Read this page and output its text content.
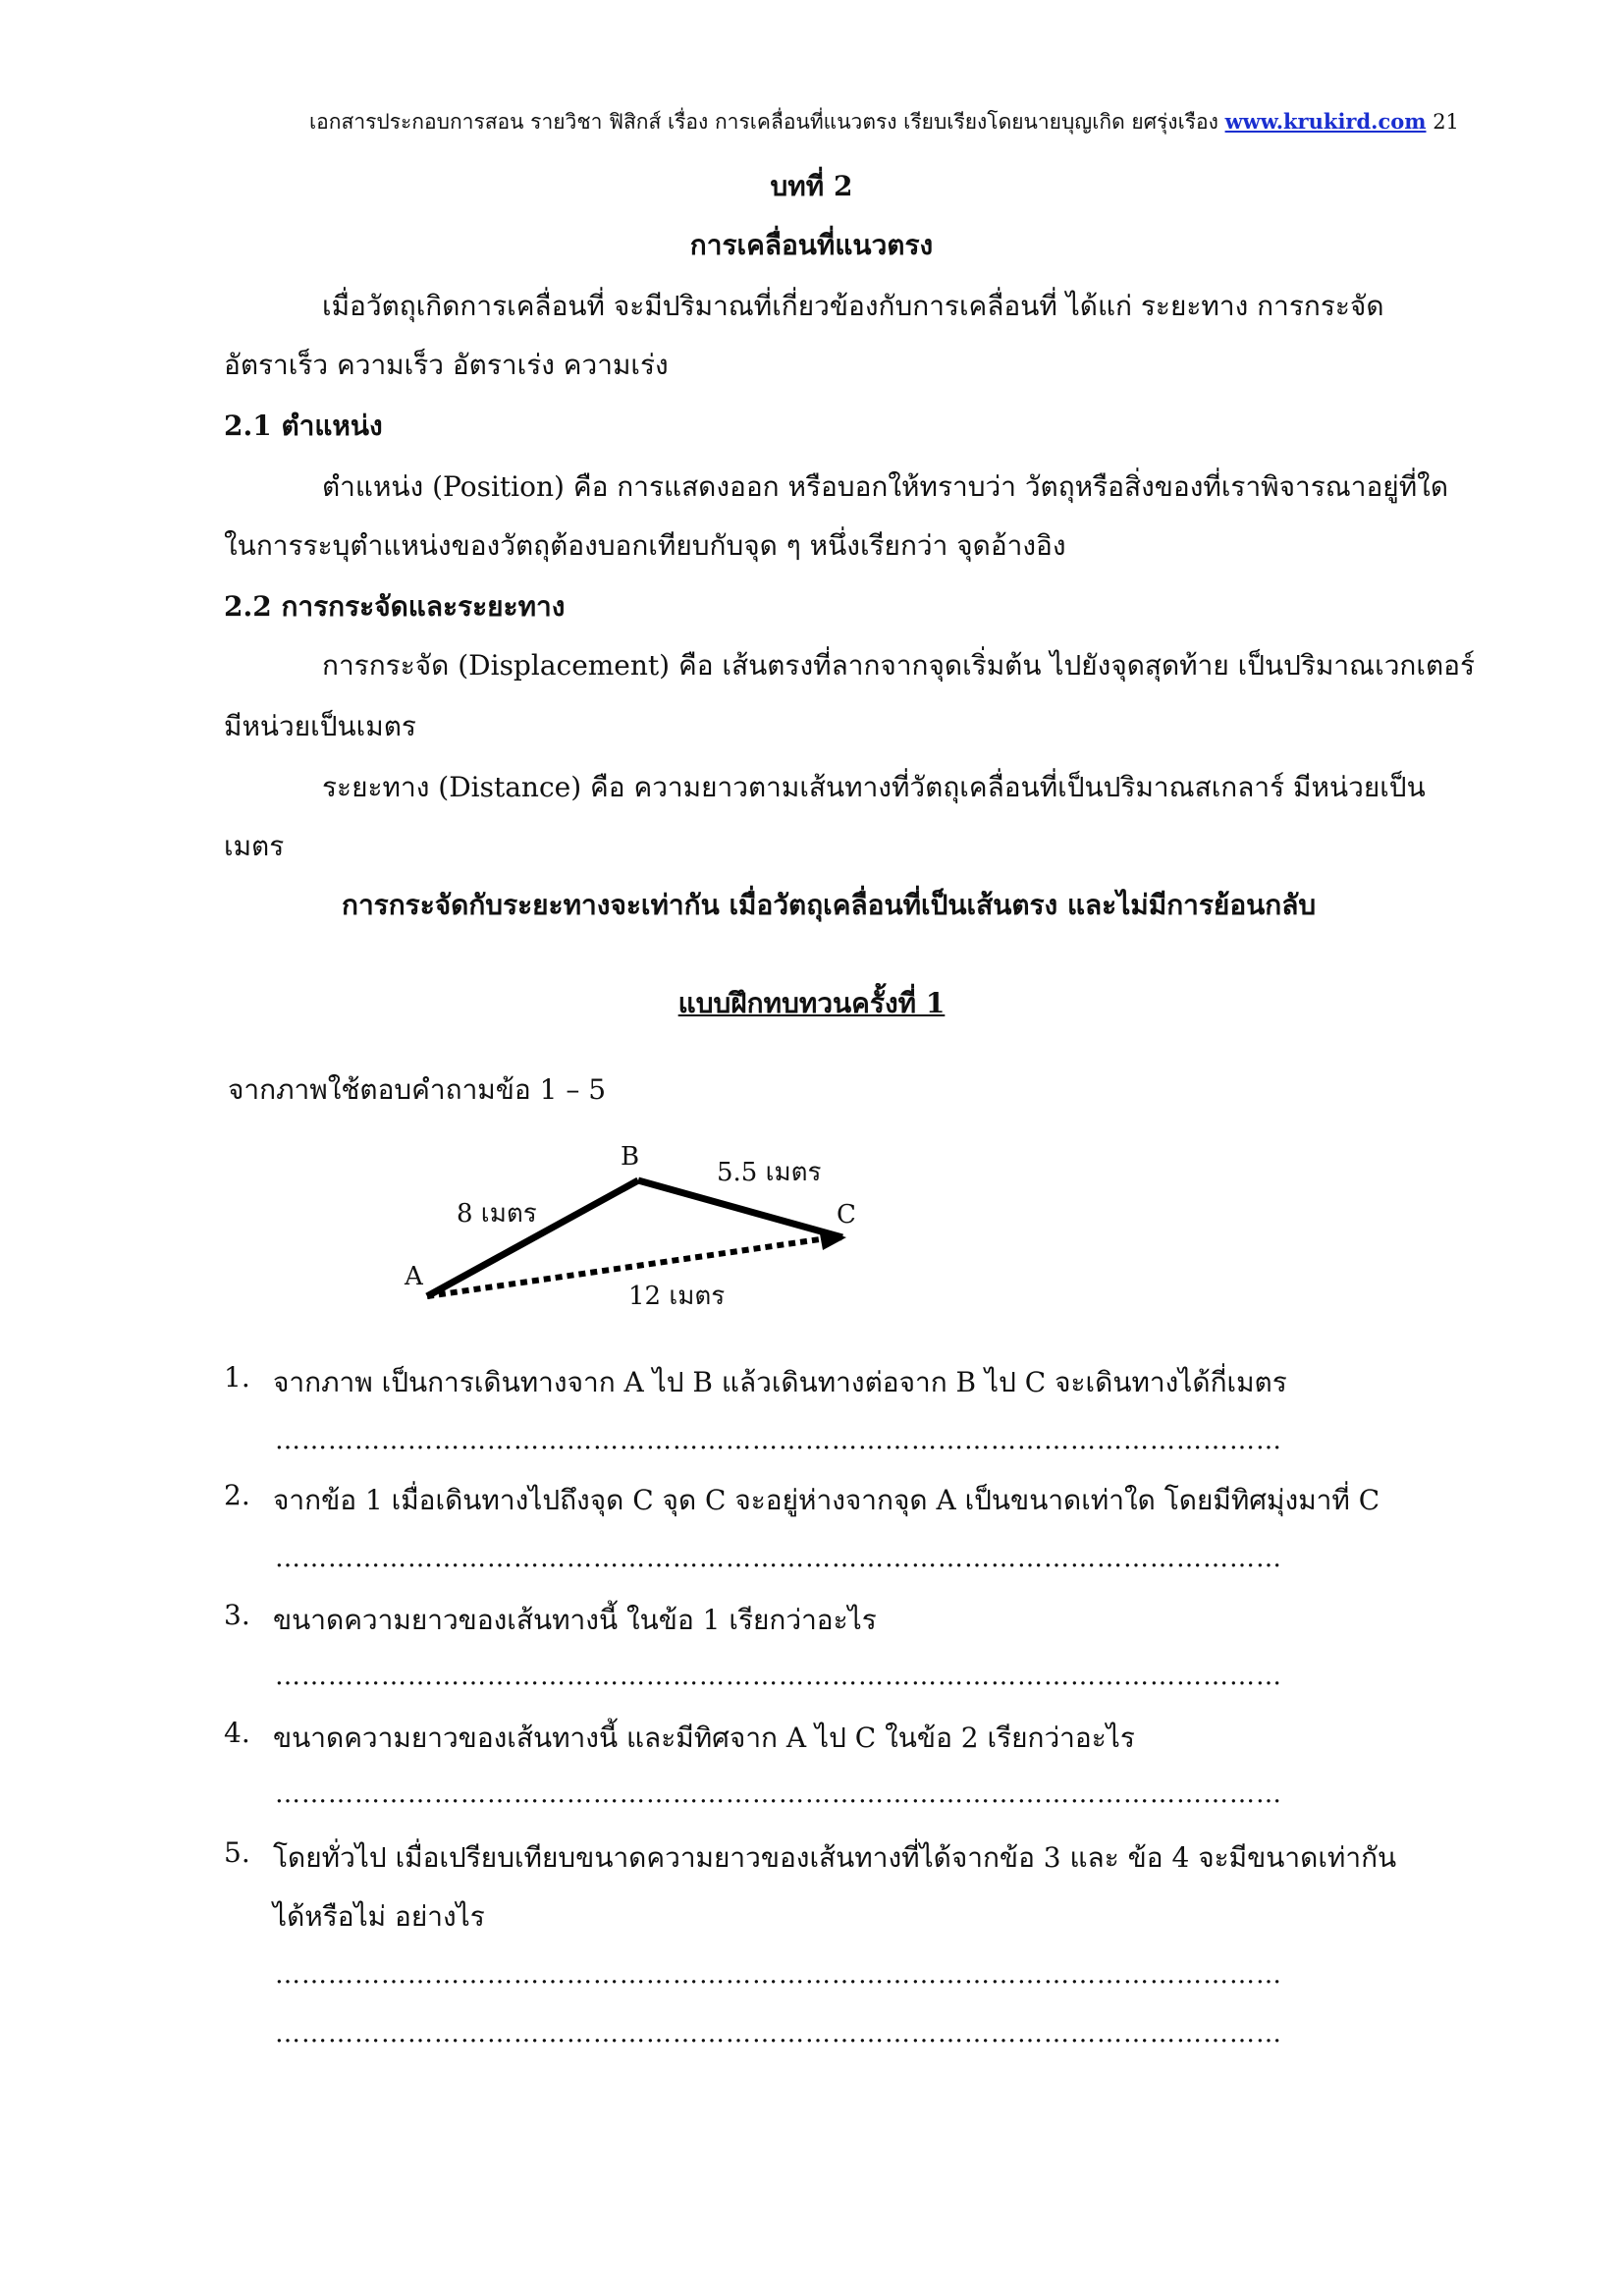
เอกสารประกอบการสอน รายวิชา ฟิสิกส์ เรื่อง การเคลื่อนที่แนวตรง เรียบเรียงโดยนายบุญเกิด ยศรุ่งเรือง www.krukird.com 21
บทที่ 2
การเคลื่อนที่แนวตรง
เมื่อวัตถุเกิดการเคลื่อนที่ จะมีปริมาณที่เกี่ยวข้องกับการเคลื่อนที่ ได้แก่ ระยะทาง การกระจัด
อัตราเร็ว ความเร็ว อัตราเร่ง ความเร่ง
2.1 ตำแหน่ง
ตำแหน่ง (Position) คือ การแสดงออก หรือบอกให้ทราบว่า วัตถุหรือสิ่งของที่เราพิจารณาอยู่ที่ใด
ในการระบุตำแหน่งของวัตถุต้องบอกเทียบกับจุด ๆ หนึ่งเรียกว่า จุดอ้างอิง
2.2 การกระจัดและระยะทาง
การกระจัด (Displacement) คือ เส้นตรงที่ลากจากจุดเริ่มต้น ไปยังจุดสุดท้าย เป็นปริมาณเวกเตอร์
มีหน่วยเป็นเมตร
ระยะทาง (Distance) คือ ความยาวตามเส้นทางที่วัตถุเคลื่อนที่เป็นปริมาณสเกลาร์ มีหน่วยเป็น
เมตร
การกระจัดกับระยะทางจะเท่ากัน เมื่อวัตถุเคลื่อนที่เป็นเส้นตรง และไม่มีการย้อนกลับ
แบบฝึกทบทวนครั้งที่ 1
จากภาพใช้ตอบคำถามข้อ 1 – 5
A
B
C
8 เมตร
5.5 เมตร
12 เมตร
1. จากภาพ เป็นการเดินทางจาก A ไป B แล้วเดินทางต่อจาก B ไป C จะเดินทางได้กี่เมตร
……………………………………………………………………………………………………
2. จากข้อ 1 เมื่อเดินทางไปถึงจุด C จุด C จะอยู่ห่างจากจุด A เป็นขนาดเท่าใด โดยมีทิศมุ่งมาที่ C
……………………………………………………………………………………………………
3. ขนาดความยาวของเส้นทางนี้ ในข้อ 1 เรียกว่าอะไร
……………………………………………………………………………………………………
4. ขนาดความยาวของเส้นทางนี้ และมีทิศจาก A ไป C ในข้อ 2 เรียกว่าอะไร
……………………………………………………………………………………………………
5. โดยทั่วไป เมื่อเปรียบเทียบขนาดความยาวของเส้นทางที่ได้จากข้อ 3 และ ข้อ 4 จะมีขนาดเท่ากัน
ได้หรือไม่ อย่างไร
……………………………………………………………………………………………………
……………………………………………………………………………………………………
